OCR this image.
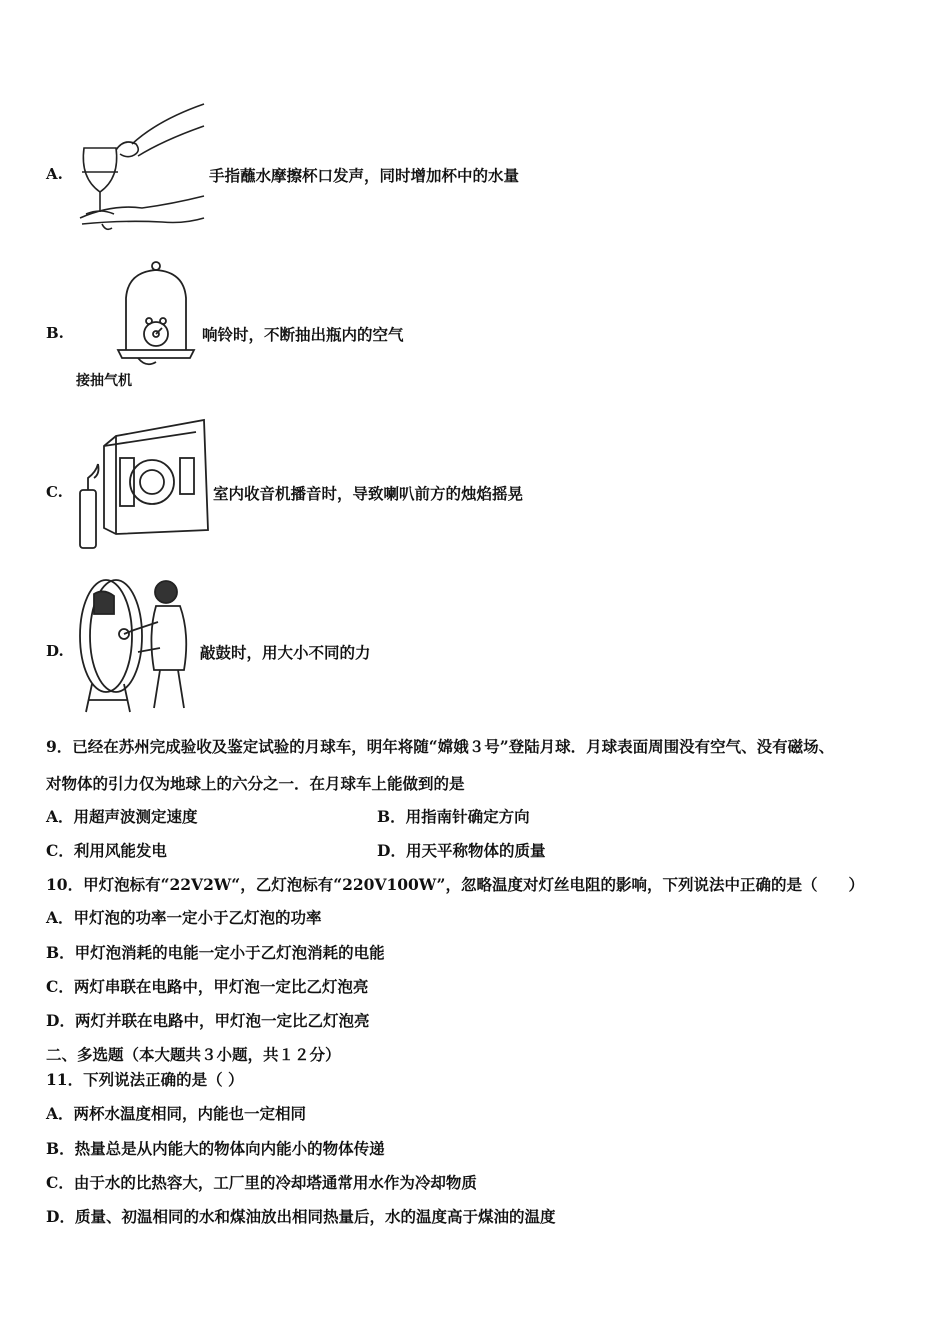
A.	手指蘸水摩擦杯口发声，同时增加杯中的水量
B.
接抽气机
响铃时，不断抽出瓶内的空气
C.	室内收音机播音时，导致喇叭前方的烛焰摇晃
D.	敲鼓时，用大小不同的力
9．已经在苏州完成验收及鉴定试验的月球车，明年将随“嫦娥３号”登陆月球．月球表面周围没有空气、没有磁场、
对物体的引力仅为地球上的六分之一．在月球车上能做到的是
A．用超声波测定速度	B．用指南针确定方向
C．利用风能发电	D．用天平称物体的质量
10．甲灯泡标有“22V2W“，乙灯泡标有“220V100W”，忽略温度对灯丝电阻的影响，下列说法中正确的是（　　）
A．甲灯泡的功率一定小于乙灯泡的功率
B．甲灯泡消耗的电能一定小于乙灯泡消耗的电能
C．两灯串联在电路中，甲灯泡一定比乙灯泡亮
D．两灯并联在电路中，甲灯泡一定比乙灯泡亮
二、多选题（本大题共３小题，共１２分）
11．下列说法正确的是（ ）
A．两杯水温度相同，内能也一定相同
B．热量总是从内能大的物体向内能小的物体传递
C．由于水的比热容大，工厂里的冷却塔通常用水作为冷却物质
D．质量、初温相同的水和煤油放出相同热量后，水的温度高于煤油的温度
